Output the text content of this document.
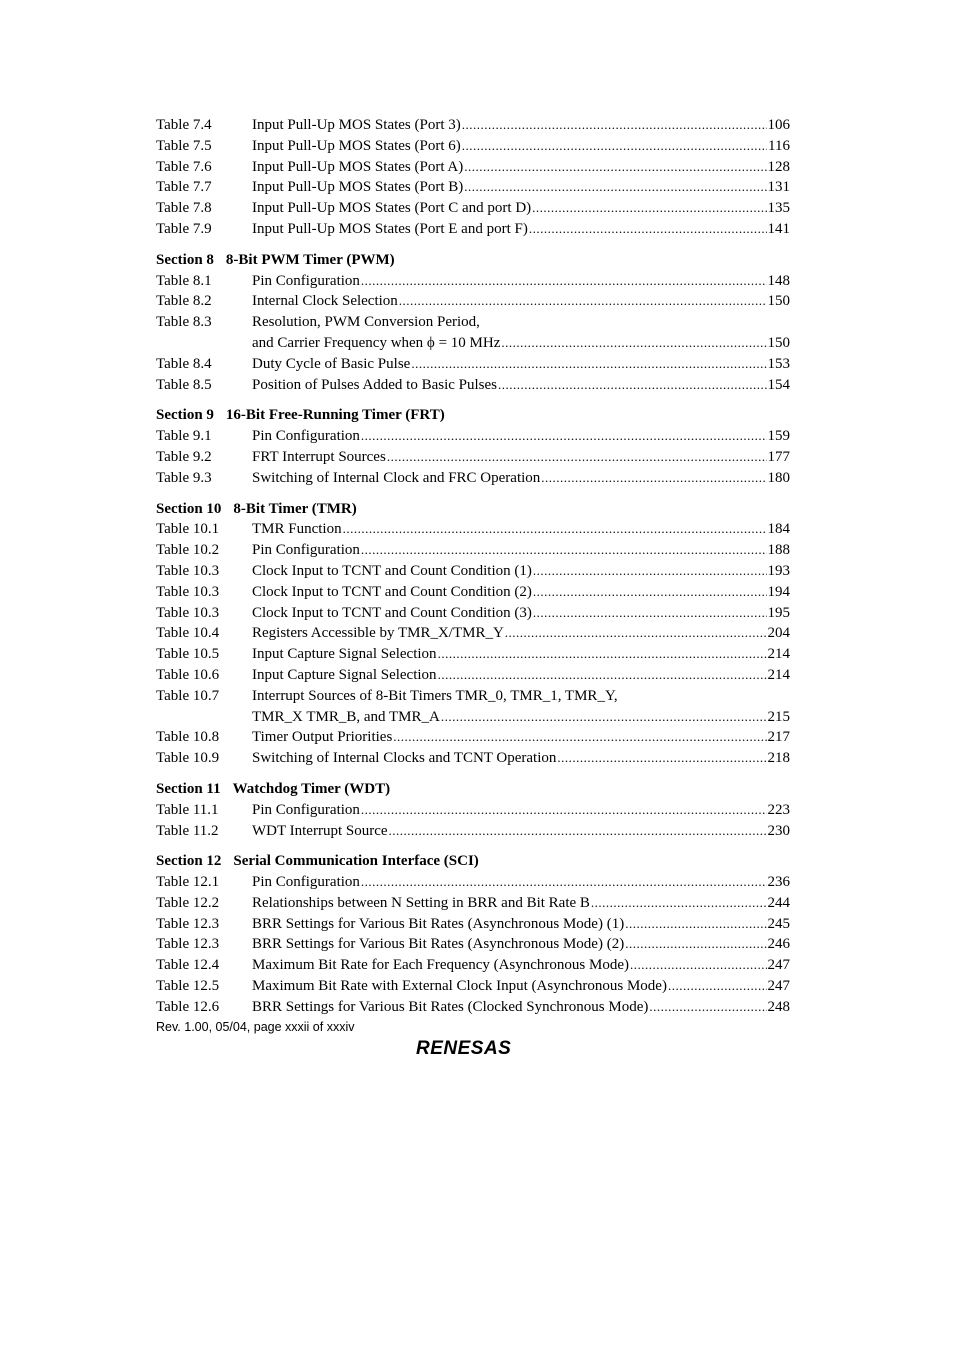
Table 7.4	Input Pull-Up MOS States (Port 3) .....	106
Table 7.5	Input Pull-Up MOS States (Port 6) .....	116
Table 7.6	Input Pull-Up MOS States (Port A) .....	128
Table 7.7	Input Pull-Up MOS States (Port B) .....	131
Table 7.8	Input Pull-Up MOS States (Port C and port D) .....	135
Table 7.9	Input Pull-Up MOS States (Port E and port F) .....	141
Section 8 8-Bit PWM Timer (PWM)
Table 8.1	Pin Configuration .....	148
Table 8.2	Internal Clock Selection .....	150
Table 8.3	Resolution, PWM Conversion Period,
and Carrier Frequency when ϕ = 10 MHz .....	150
Table 8.4	Duty Cycle of Basic Pulse .....	153
Table 8.5	Position of Pulses Added to Basic Pulses .....	154
Section 9 16-Bit Free-Running Timer (FRT)
Table 9.1	Pin Configuration .....	159
Table 9.2	FRT Interrupt Sources .....	177
Table 9.3	Switching of Internal Clock and FRC Operation .....	180
Section 10 8-Bit Timer (TMR)
Table 10.1 TMR Function .....	184
Table 10.2 Pin Configuration .....	188
Table 10.3 Clock Input to TCNT and Count Condition (1) .....	193
Table 10.3 Clock Input to TCNT and Count Condition (2) .....	194
Table 10.3 Clock Input to TCNT and Count Condition (3) .....	195
Table 10.4 Registers Accessible by TMR_X/TMR_Y .....	204
Table 10.5 Input Capture Signal Selection .....	214
Table 10.6 Input Capture Signal Selection .....	214
Table 10.7 Interrupt Sources of 8-Bit Timers TMR_0, TMR_1, TMR_Y,
TMR_X TMR_B, and TMR_A .....	215
Table 10.8 Timer Output Priorities .....	217
Table 10.9 Switching of Internal Clocks and TCNT Operation .....	218
Section 11 Watchdog Timer (WDT)
Table 11.1 Pin Configuration .....	223
Table 11.2 WDT Interrupt Source .....	230
Section 12 Serial Communication Interface (SCI)
Table 12.1 Pin Configuration .....	236
Table 12.2 Relationships between N Setting in BRR and Bit Rate B .....	244
Table 12.3 BRR Settings for Various Bit Rates (Asynchronous Mode) (1) .....	245
Table 12.3 BRR Settings for Various Bit Rates (Asynchronous Mode) (2) .....	246
Table 12.4 Maximum Bit Rate for Each Frequency (Asynchronous Mode) .....	247
Table 12.5 Maximum Bit Rate with External Clock Input (Asynchronous Mode) .....	247
Table 12.6 BRR Settings for Various Bit Rates (Clocked Synchronous Mode) .....	248
Rev. 1.00, 05/04, page xxxii of xxxiv
RENESAS
